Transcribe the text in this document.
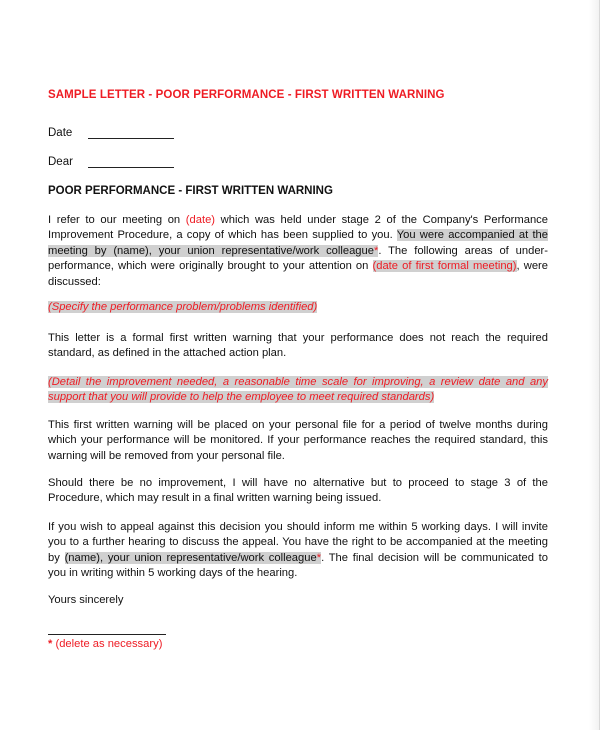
SAMPLE LETTER - POOR PERFORMANCE - FIRST WRITTEN WARNING
Date
Dear
POOR PERFORMANCE - FIRST WRITTEN WARNING
I refer to our meeting on (date) which was held under stage 2 of the Company's Performance Improvement Procedure, a copy of which has been supplied to you. You were accompanied at the meeting by (name), your union representative/work colleague*. The following areas of under-performance, which were originally brought to your attention on (date of first formal meeting), were discussed:
(Specify the performance problem/problems identified)
This letter is a formal first written warning that your performance does not reach the required standard, as defined in the attached action plan.
(Detail the improvement needed, a reasonable time scale for improving, a review date and any support that you will provide to help the employee to meet required standards)
This first written warning will be placed on your personal file for a period of twelve months during which your performance will be monitored. If your performance reaches the required standard, this warning will be removed from your personal file.
Should there be no improvement, I will have no alternative but to proceed to stage 3 of the Procedure, which may result in a final written warning being issued.
If you wish to appeal against this decision you should inform me within 5 working days. I will invite you to a further hearing to discuss the appeal. You have the right to be accompanied at the meeting by (name), your union representative/work colleague*. The final decision will be communicated to you in writing within 5 working days of the hearing.
Yours sincerely
* (delete as necessary)
